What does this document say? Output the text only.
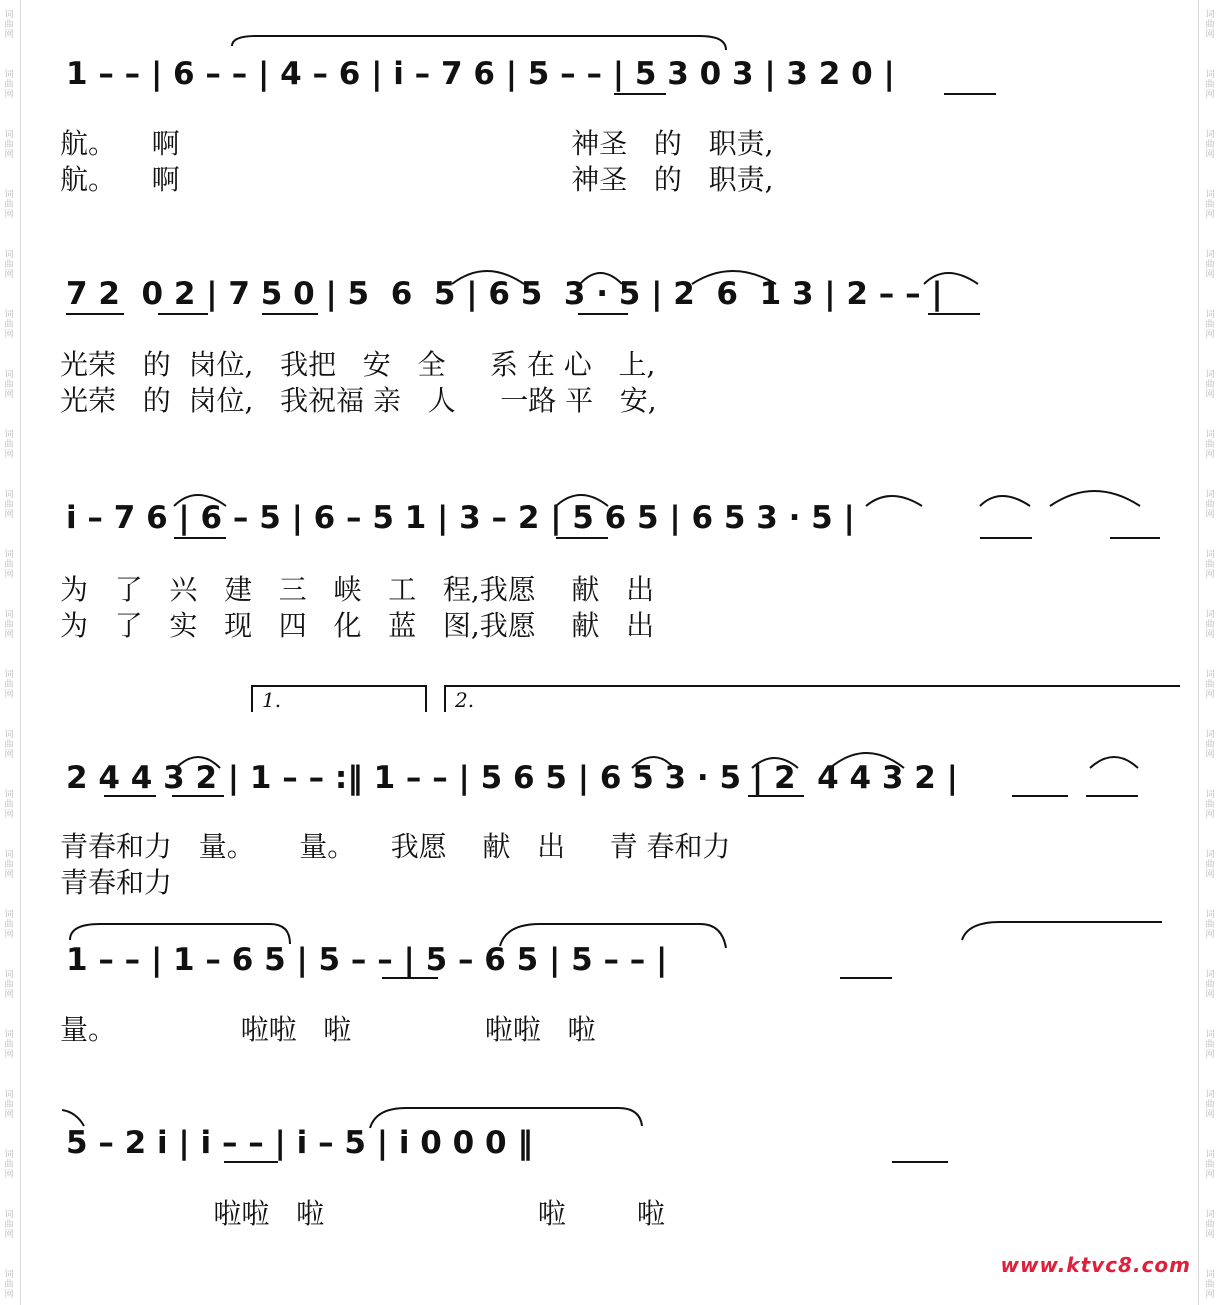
词
曲
网
词
曲
网
词
曲
网
词
曲
网
词
曲
网
词
曲
网
词
曲
网
词
曲
网
词
曲
网
词
曲
网
词
曲
网
词
曲
网
词
曲
网
词
曲
网
词
曲
网
词
曲
网
词
曲
网
词
曲
网
词
曲
网
词
曲
网
词
曲
网
词
曲
网
词
曲
网
词
曲
网
词
曲
网
词
曲
网
词
曲
网
词
曲
网
词
曲
网
词
曲
网
词
曲
网
词
曲
网
词
曲
网
词
曲
网
词
曲
网
词
曲
网
词
曲
网
词
曲
网
词
曲
网
词
曲
网
词
曲
网
词
曲
网
词
曲
网
词
曲
网
1 – – | 6 – – | 4 – 6 | i – 7 6 | 5 – – | 5 3 0 3 | 3 2 0 |
航。    啊                                            神圣   的   职责,
航。    啊                                            神圣   的   职责,
7 2  0 2 | 7 5 0 | 5  6  5 | 6 5  3 · 5 | 2  6  1 3 | 2 – – |
光荣   的  岗位,   我把   安   全     系 在 心   上,
光荣   的  岗位,   我祝福 亲   人     一路 平   安,
i – 7 6 | 6 – 5 | 6 – 5 1 | 3 – 2 | 5 6 5 | 6 5 3 · 5 |
为   了   兴   建   三   峡   工   程,我愿    献   出
为   了   实   现   四   化   蓝   图,我愿    献   出
1.	2.
2 4 4 3 2 | 1 – – :‖ 1 – – | 5 6 5 | 6 5 3 · 5 | 2  4 4 3 2 |
青春和力   量。     量。    我愿    献   出     青 春和力
青春和力
1 – – | 1 – 6 5 | 5 – – | 5 – 6 5 | 5 – – |
量。              啦啦   啦               啦啦   啦
5 – 2 i | i – – | i – 5 | i 0 0 0 ‖
啦啦   啦                        啦        啦
www.ktvc8.com
